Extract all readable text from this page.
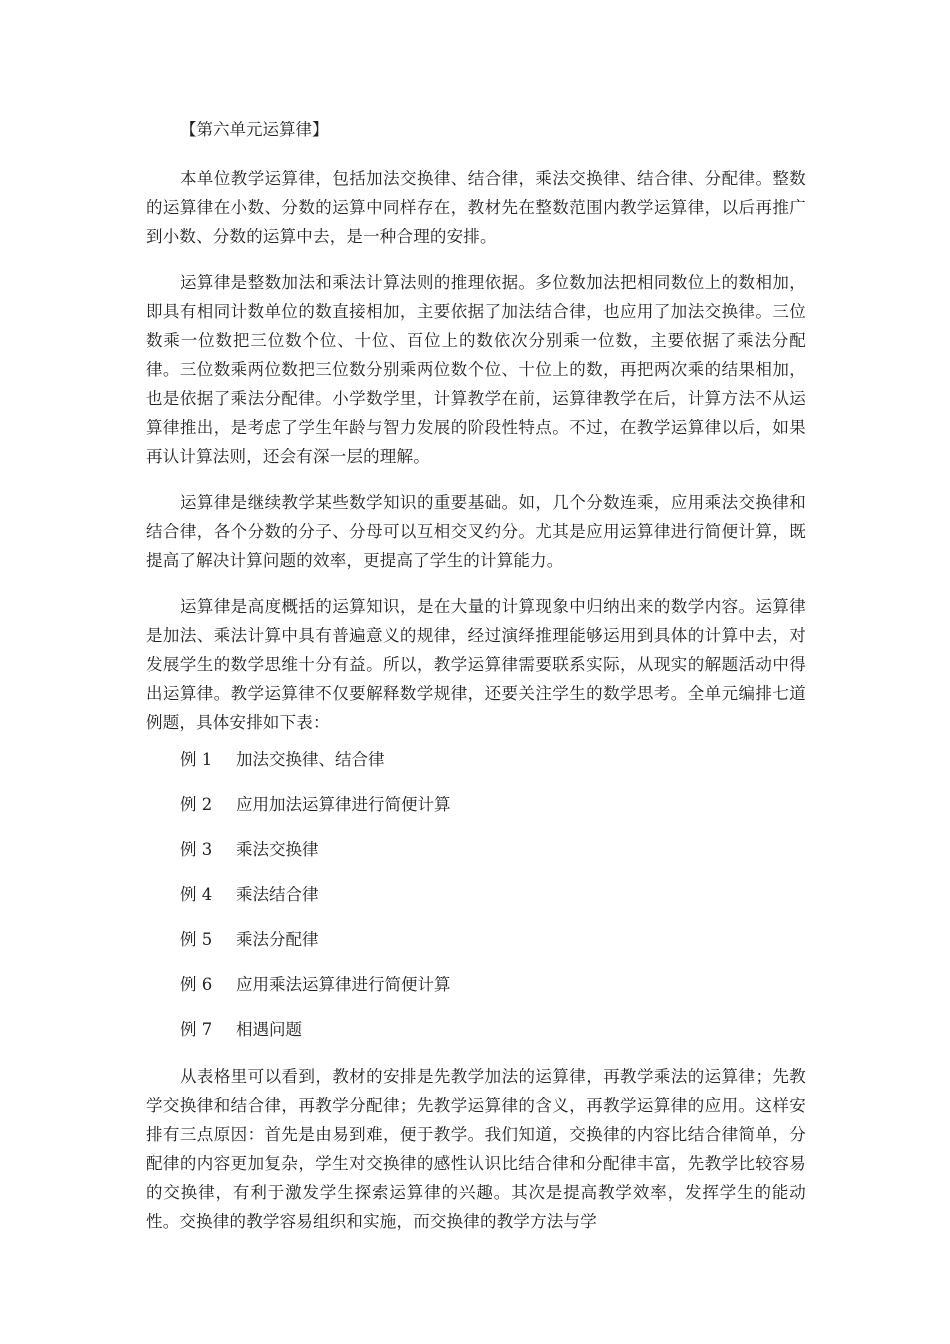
【第六单元运算律】

本单位教学运算律，包括加法交换律、结合律，乘法交换律、结合律、分配律。整数的运算律在小数、分数的运算中同样存在，教材先在整数范围内教学运算律，以后再推广到小数、分数的运算中去，是一种合理的安排。

运算律是整数加法和乘法计算法则的推理依据。多位数加法把相同数位上的数相加，即具有相同计数单位的数直接相加，主要依据了加法结合律，也应用了加法交换律。三位数乘一位数把三位数个位、十位、百位上的数依次分别乘一位数，主要依据了乘法分配律。三位数乘两位数把三位数分别乘两位数个位、十位上的数，再把两次乘的结果相加，也是依据了乘法分配律。小学数学里，计算教学在前，运算律教学在后，计算方法不从运算律推出，是考虑了学生年龄与智力发展的阶段性特点。不过，在教学运算律以后，如果再认计算法则，还会有深一层的理解。

运算律是继续教学某些数学知识的重要基础。如，几个分数连乘，应用乘法交换律和结合律，各个分数的分子、分母可以互相交叉约分。尤其是应用运算律进行简便计算，既提高了解决计算问题的效率，更提高了学生的计算能力。

运算律是高度概括的运算知识，是在大量的计算现象中归纳出来的数学内容。运算律是加法、乘法计算中具有普遍意义的规律，经过演绎推理能够运用到具体的计算中去，对发展学生的数学思维十分有益。所以，教学运算律需要联系实际，从现实的解题活动中得出运算律。教学运算律不仅要解释数学规律，还要关注学生的数学思考。全单元编排七道例题，具体安排如下表：

例 1	加法交换律、结合律
例 2	应用加法运算律进行简便计算
例 3	乘法交换律
例 4	乘法结合律
例 5	乘法分配律
例 6	应用乘法运算律进行简便计算
例 7	相遇问题

从表格里可以看到，教材的安排是先教学加法的运算律，再教学乘法的运算律；先教学交换律和结合律，再教学分配律；先教学运算律的含义，再教学运算律的应用。这样安排有三点原因：首先是由易到难，便于教学。我们知道，交换律的内容比结合律简单，分配律的内容更加复杂，学生对交换律的感性认识比结合律和分配律丰富，先教学比较容易的交换律，有利于激发学生探索运算律的兴趣。其次是提高教学效率，发挥学生的能动性。交换律的教学容易组织和实施，而交换律的教学方法与学
